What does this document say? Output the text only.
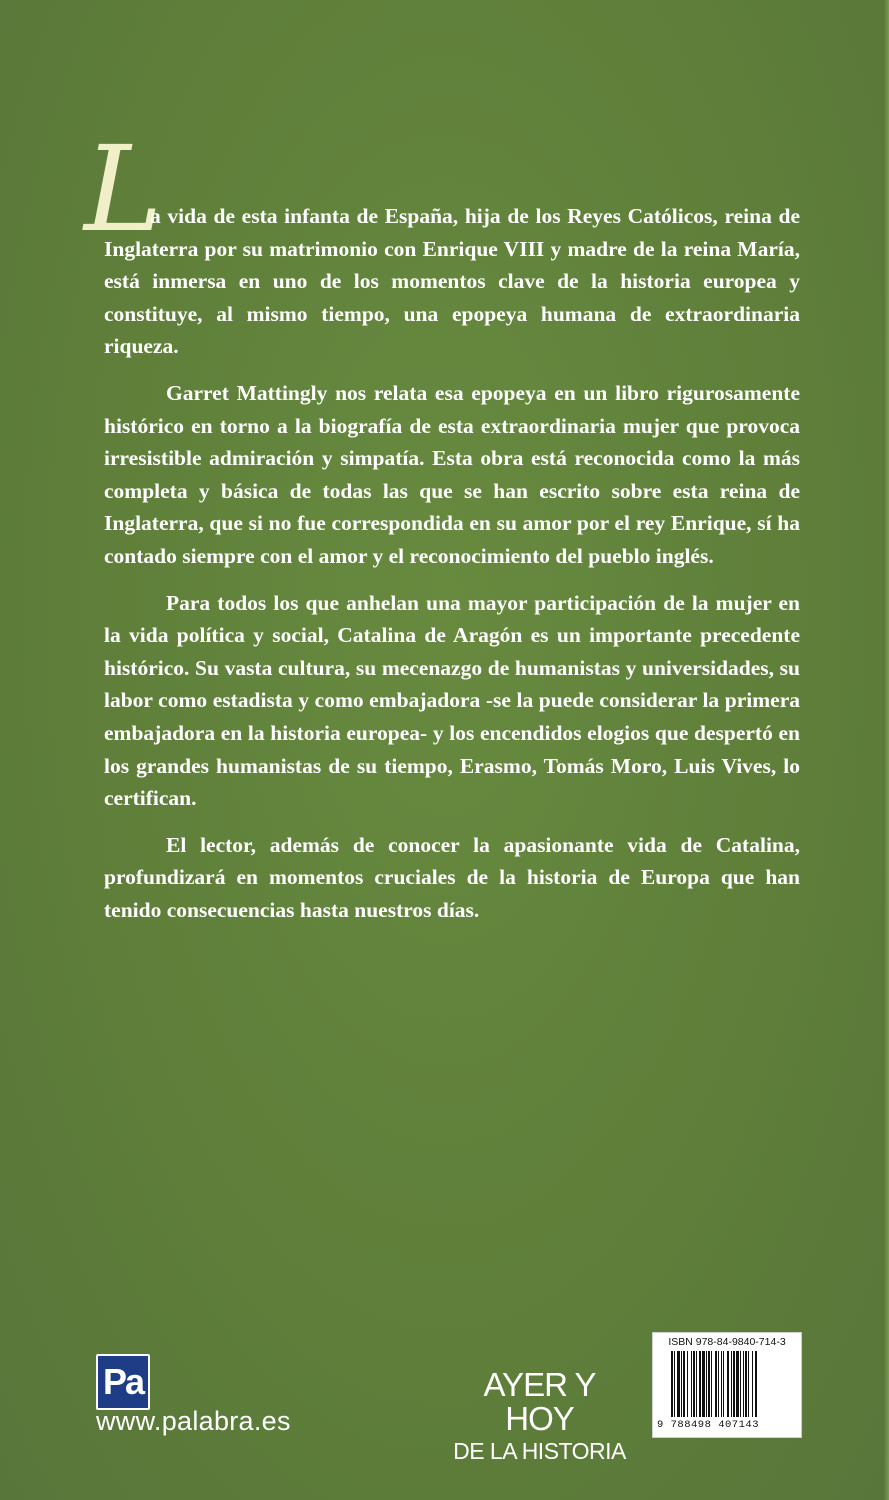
L

a vida de esta infanta de España, hija de los Reyes Católicos, reina de Inglaterra por su matrimonio con Enrique VIII y madre de la reina María, está inmersa en uno de los momentos clave de la historia europea y constituye, al mismo tiempo, una epopeya humana de extraordinaria riqueza.

Garret Mattingly nos relata esa epopeya en un libro rigurosamente histórico en torno a la biografía de esta extraordinaria mujer que provoca irresistible admiración y simpatía. Esta obra está reconocida como la más completa y básica de todas las que se han escrito sobre esta reina de Inglaterra, que si no fue correspondida en su amor por el rey Enrique, sí ha contado siempre con el amor y el reconocimiento del pueblo inglés.

Para todos los que anhelan una mayor participación de la mujer en la vida política y social, Catalina de Aragón es un importante precedente histórico. Su vasta cultura, su mecenazgo de humanistas y universidades, su labor como estadista y como embajadora -se la puede considerar la primera embajadora en la historia europea- y los encendidos elogios que despertó en los grandes humanistas de su tiempo, Erasmo, Tomás Moro, Luis Vives, lo certifican.

El lector, además de conocer la apasionante vida de Catalina, profundizará en momentos cruciales de la historia de Europa que han tenido consecuencias hasta nuestros días.

Pa
www.palabra.es
AYER Y HOY
DE LA HISTORIA
ISBN 978-84-9840-714-3
9 788498 407143
